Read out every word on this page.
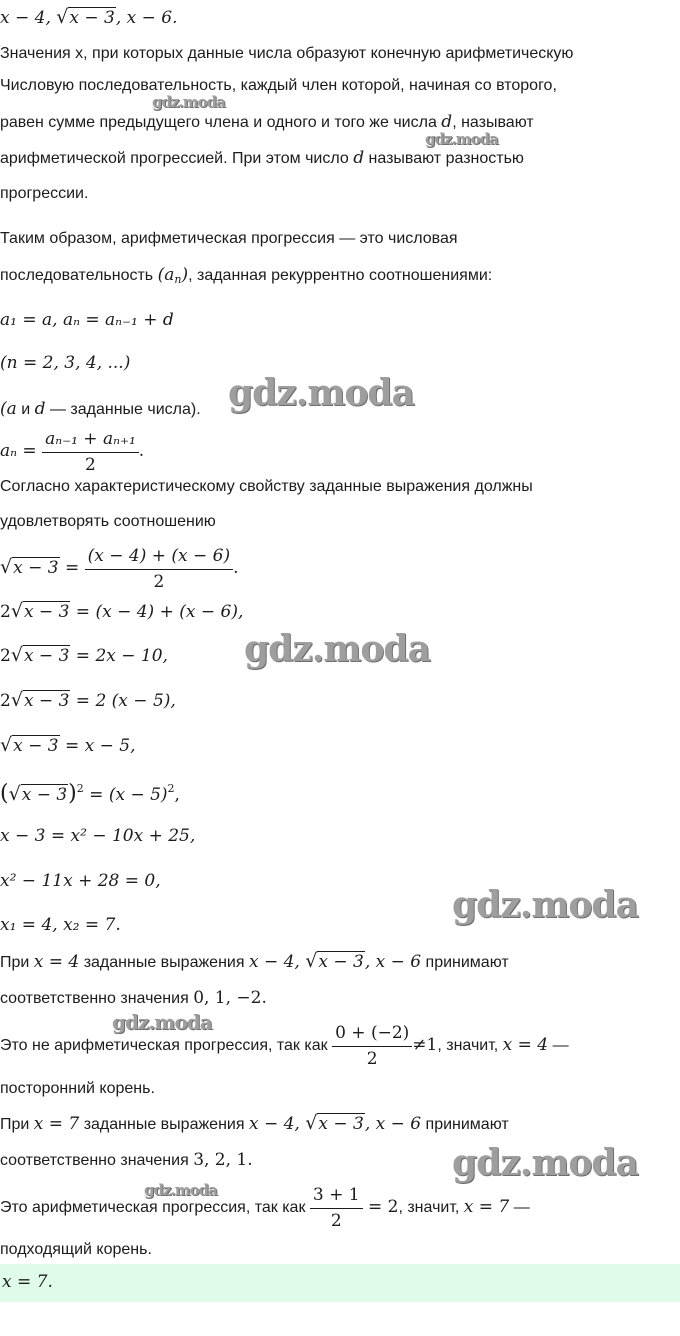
x − 4, √x − 3, x − 6.
Значения x, при которых данные числа образуют конечную арифметическую
Числовую последовательность, каждый член которой, начиная со второго,
равен сумме предыдущего члена и одного и того же числа d, называют
арифметической прогрессией. При этом число d называют разностью
прогрессии.
Таким образом, арифметическая прогрессия — это числовая
последовательность $(a_n)$, заданная рекуррентно соотношениями:
a₁ = a, aₙ = aₙ₋₁ + d
(n = 2, 3, 4, ...)
(a и d — заданные числа).
$a_n = \frac{\text{aₙ₋₁ + aₙ₊₁}}{2}$ .
Согласно характеристическому свойству заданные выражения должны
удовлетворять соотношению
$√x - 3 = \frac{(x - 4) + (x - 6)}{2}$ .
2√x − 3 = (x − 4) + (x − 6),
2√x − 3 = 2x − 10,
2√x − 3 = 2 (x − 5),
√x − 3 = x − 5,
$(√x - 3)^2 = (x - 5)^2$,
x − 3 = x² − 10x + 25,
x² − 11x + 28 = 0,
x₁ = 4, x₂ = 7.
При x = 4 заданные выражения x − 4, √x − 3, x − 6 принимают
соответственно значения 0, 1, −2.
Это не арифметическая прогрессия, так как $\frac{0 + (-2)}{2} \ne 1$, значит, x = 4 —
посторонний корень.
При x = 7 заданные выражения x − 4, √x − 3, x − 6 принимают
соответственно значения 3, 2, 1.
Это арифметическая прогрессия, так как $\frac{3 + 1}{2} = 2$, значит, x = 7 —
подходящий корень.
x = 7.
gdz.moda
gdz.moda
gdz.moda
gdz.moda
gdz.moda
gdz.moda
gdz.moda
gdz.moda
